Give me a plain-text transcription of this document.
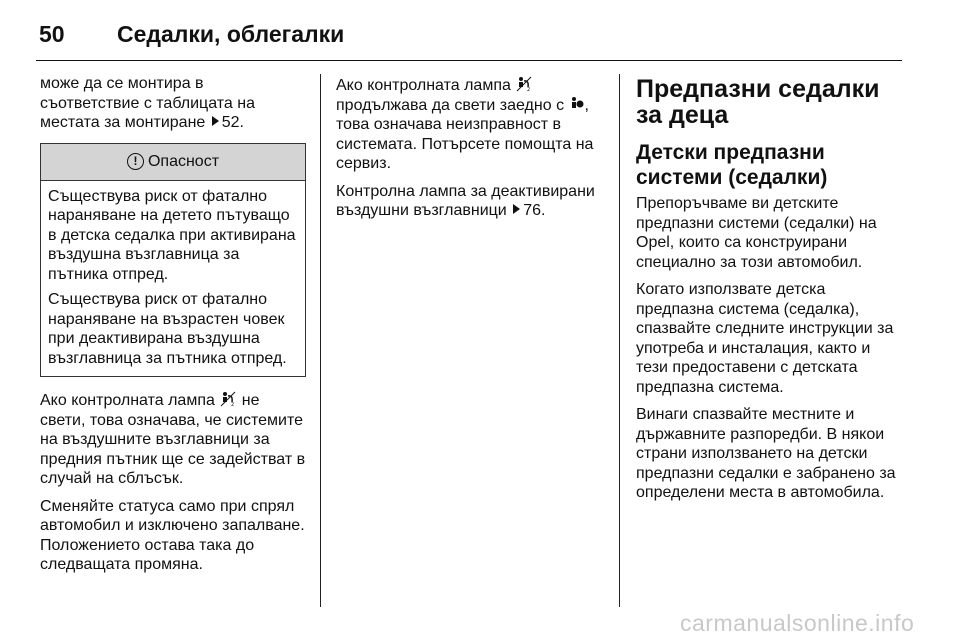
50	Седалки, облегалки

може да се монтира в съответствие с таблицата на местата за монтиране 52.

! Опасност

Съществува риск от фатално нараняване на детето пътуващо в детска седалка при активирана въздушна възглавница за пътника отпред.

Съществува риск от фатално нараняване на възрастен човек при деактивирана въздушна възглавница за пътника отпред.

Ако контролната лампа	2 не свети, това означава, че системите на въздушните възглавници за предния пътник ще се задействат в случай на сблъсък.

Сменяйте статуса само при спрял автомобил и изключено запалване. Положението остава така до следващата промяна.

Ако контролната лампа	2
продължава да свети заедно с , това означава неизправност в системата. Потърсете помощта на сервиз.

Контролна лампа за деактивирани въздушни възглавници 76.

Предпазни седалки за деца
Детски предпазни системи (седалки)

Препоръчваме ви детските предпазни системи (седалки) на Opel, които са конструирани специално за този автомобил.

Когато използвате детска предпазна система (седалка), спазвайте следните инструкции за употреба и инсталация, както и тези предоставени с детската предпазна система.

Винаги спазвайте местните и държавните разпоредби. В някои страни използването на детски предпазни седалки е забранено за определени места в автомобила.

carmanualsonline.info
